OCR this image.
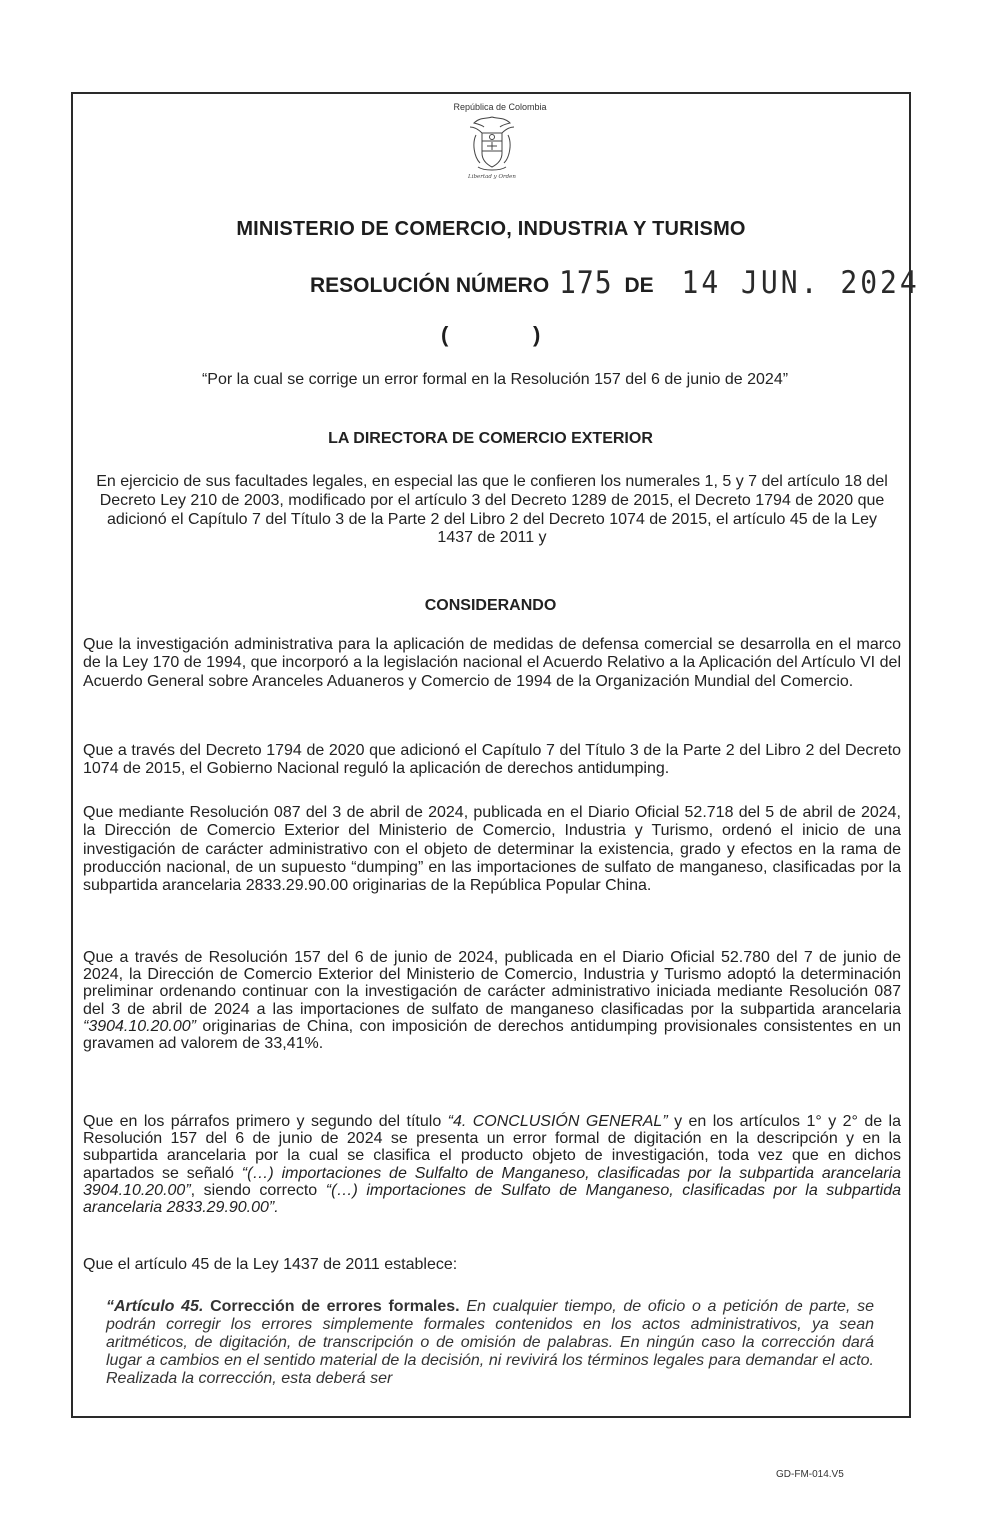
República de Colombia
Libertad y Orden
MINISTERIO DE COMERCIO, INDUSTRIA Y TURISMO
RESOLUCIÓN NÚMERO 175 DE 14 JUN. 2024
(	)
“Por la cual se corrige un error formal en la Resolución 157 del 6 de junio de 2024”
LA DIRECTORA DE COMERCIO EXTERIOR
En ejercicio de sus facultades legales, en especial las que le confieren los numerales 1, 5 y 7 del artículo 18 del Decreto Ley 210 de 2003, modificado por el artículo 3 del Decreto 1289 de 2015, el Decreto 1794 de 2020 que adicionó el Capítulo 7 del Título 3 de la Parte 2 del Libro 2 del Decreto 1074 de 2015, el artículo 45 de la Ley 1437 de 2011 y
CONSIDERANDO
Que la investigación administrativa para la aplicación de medidas de defensa comercial se desarrolla en el marco de la Ley 170 de 1994, que incorporó a la legislación nacional el Acuerdo Relativo a la Aplicación del Artículo VI del Acuerdo General sobre Aranceles Aduaneros y Comercio de 1994 de la Organización Mundial del Comercio.
Que a través del Decreto 1794 de 2020 que adicionó el Capítulo 7 del Título 3 de la Parte 2 del Libro 2 del Decreto 1074 de 2015, el Gobierno Nacional reguló la aplicación de derechos antidumping.
Que mediante Resolución 087 del 3 de abril de 2024, publicada en el Diario Oficial 52.718 del 5 de abril de 2024, la Dirección de Comercio Exterior del Ministerio de Comercio, Industria y Turismo, ordenó el inicio de una investigación de carácter administrativo con el objeto de determinar la existencia, grado y efectos en la rama de producción nacional, de un supuesto “dumping” en las importaciones de sulfato de manganeso, clasificadas por la subpartida arancelaria 2833.29.90.00 originarias de la República Popular China.
Que a través de Resolución 157 del 6 de junio de 2024, publicada en el Diario Oficial 52.780 del 7 de junio de 2024, la Dirección de Comercio Exterior del Ministerio de Comercio, Industria y Turismo adoptó la determinación preliminar ordenando continuar con la investigación de carácter administrativo iniciada mediante Resolución 087 del 3 de abril de 2024 a las importaciones de sulfato de manganeso clasificadas por la subpartida arancelaria “3904.10.20.00” originarias de China, con imposición de derechos antidumping provisionales consistentes en un gravamen ad valorem de 33,41%.
Que en los párrafos primero y segundo del título “4. CONCLUSIÓN GENERAL” y en los artículos 1° y 2° de la Resolución 157 del 6 de junio de 2024 se presenta un error formal de digitación en la descripción y en la subpartida arancelaria por la cual se clasifica el producto objeto de investigación, toda vez que en dichos apartados se señaló “(…) importaciones de Sulfalto de Manganeso, clasificadas por la subpartida arancelaria 3904.10.20.00”, siendo correcto “(…) importaciones de Sulfato de Manganeso, clasificadas por la subpartida arancelaria 2833.29.90.00”.
Que el artículo 45 de la Ley 1437 de 2011 establece:
“Artículo 45. Corrección de errores formales. En cualquier tiempo, de oficio o a petición de parte, se podrán corregir los errores simplemente formales contenidos en los actos administrativos, ya sean aritméticos, de digitación, de transcripción o de omisión de palabras. En ningún caso la corrección dará lugar a cambios en el sentido material de la decisión, ni revivirá los términos legales para demandar el acto. Realizada la corrección, esta deberá ser
GD-FM-014.V5
